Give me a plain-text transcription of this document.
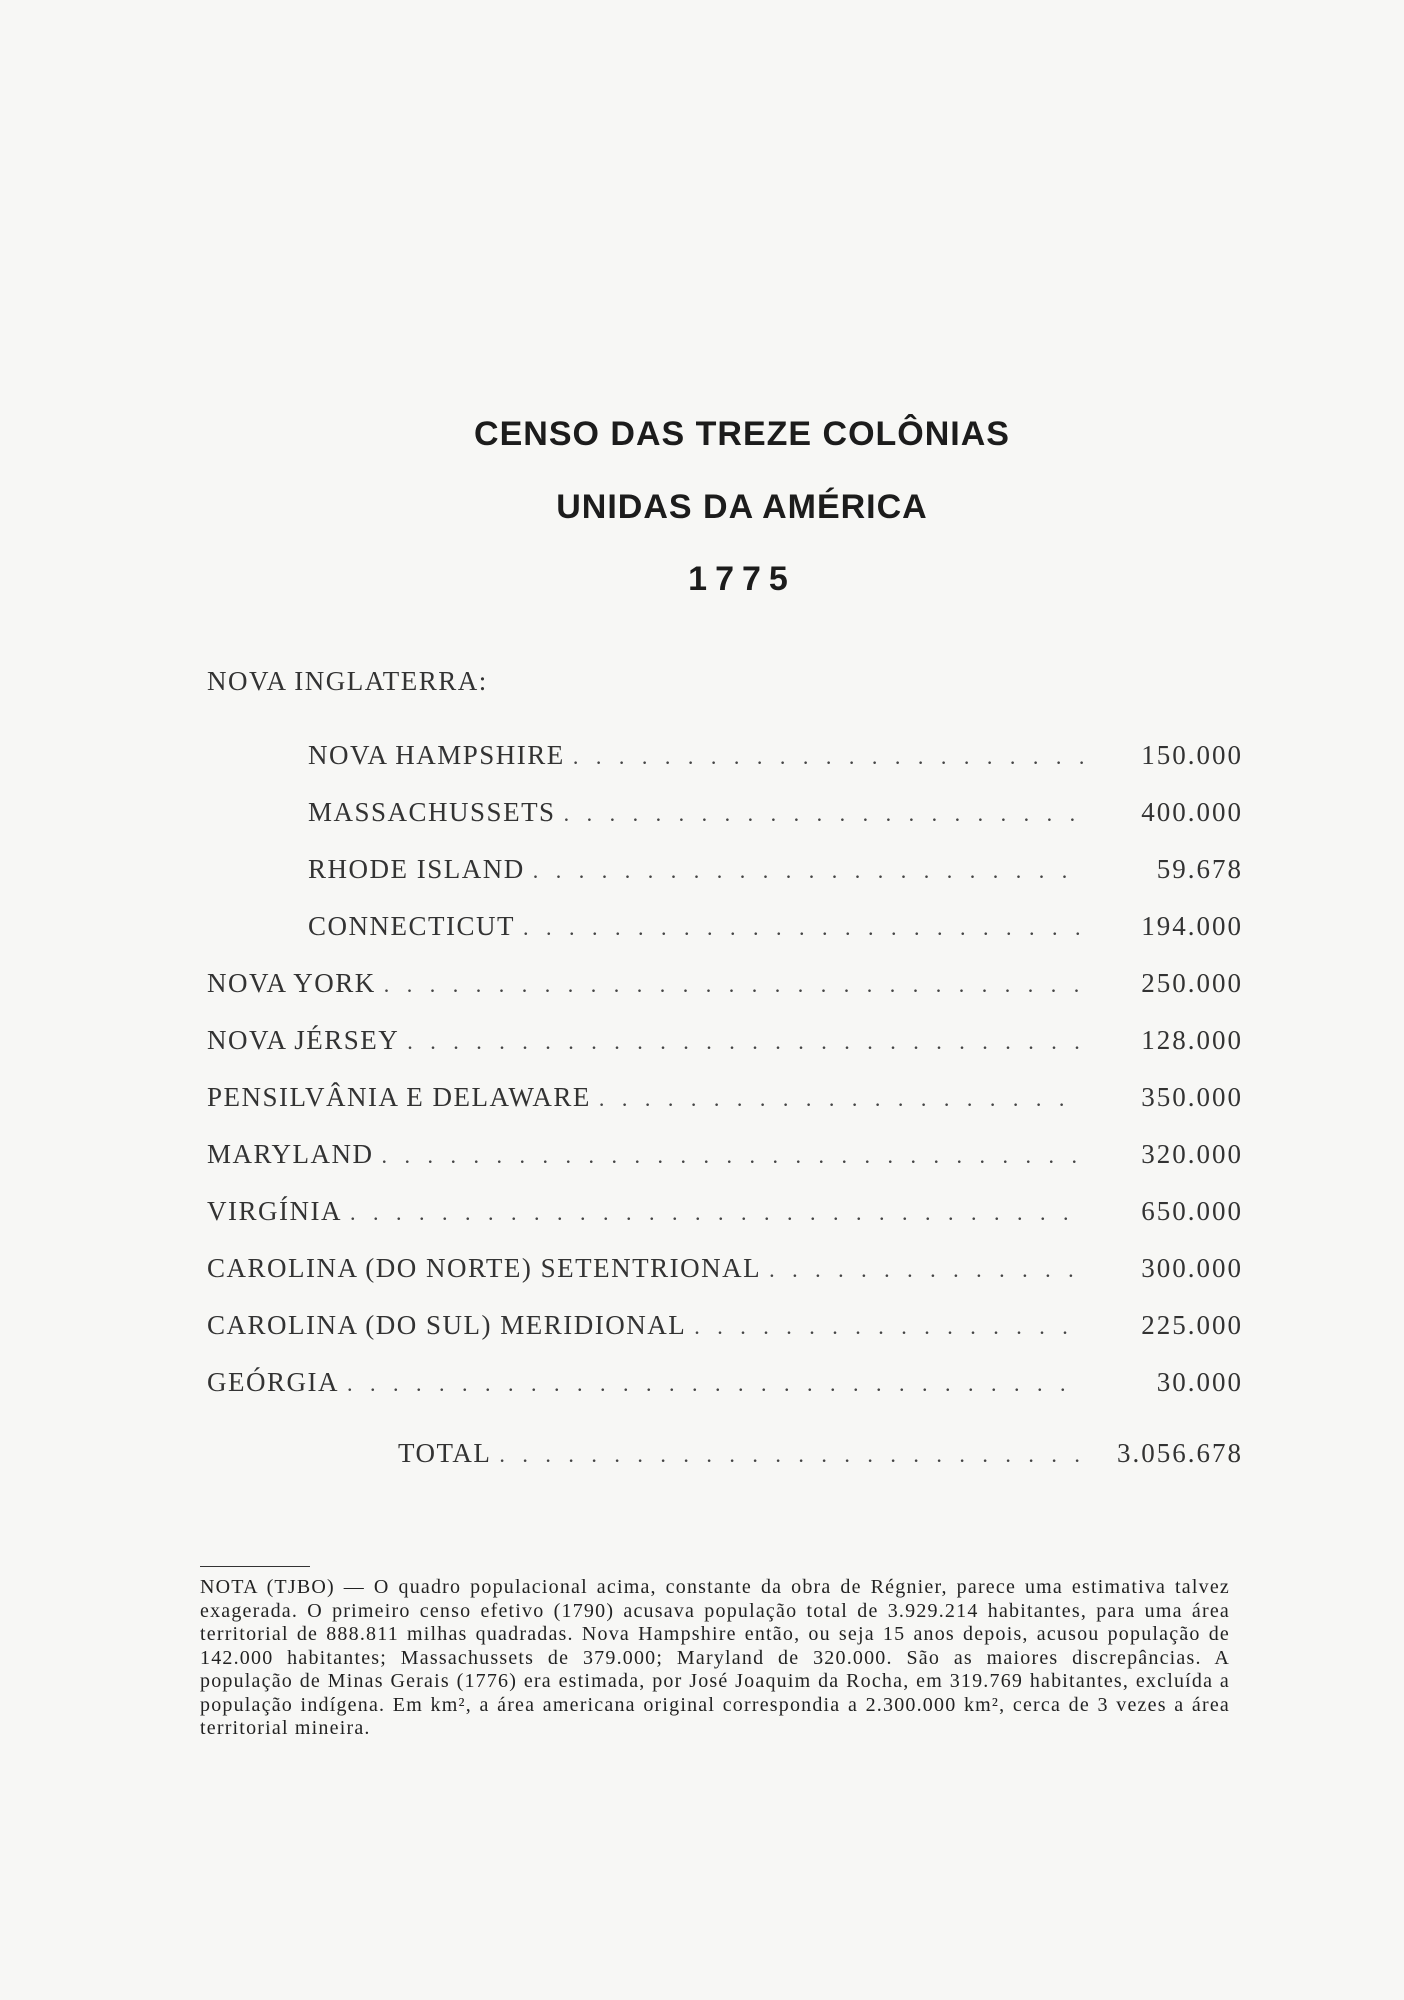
CENSO DAS TREZE COLÔNIAS
UNIDAS DA AMÉRICA
1775
NOVA INGLATERRA:
NOVA HAMPSHIRE . . .	150.000
MASSACHUSSETS . . .	400.000
RHODE ISLAND . . .	59.678
CONNECTICUT . . .	194.000
NOVA YORK . . .	250.000
NOVA JÉRSEY . . .	128.000
PENSILVÂNIA E DELAWARE . . .	350.000
MARYLAND . . .	320.000
VIRGÍNIA . . .	650.000
CAROLINA (DO NORTE) SETENTRIONAL . . .	300.000
CAROLINA (DO SUL) MERIDIONAL . . .	225.000
GEÓRGIA . . .	30.000
TOTAL . . .	3.056.678
NOTA (TJBO) — O quadro populacional acima, constante da obra de Régnier, parece uma estimativa talvez exagerada. O primeiro censo efetivo (1790) acusava população total de 3.929.214 habitantes, para uma área territorial de 888.811 milhas quadradas. Nova Hampshire então, ou seja 15 anos depois, acusou população de 142.000 habitantes; Massachussets de 379.000; Maryland de 320.000. São as maiores discrepâncias. A população de Minas Gerais (1776) era estimada, por José Joaquim da Rocha, em 319.769 habitantes, excluída a população indígena. Em km², a área americana original correspondia a 2.300.000 km², cerca de 3 vezes a área territorial mineira.
